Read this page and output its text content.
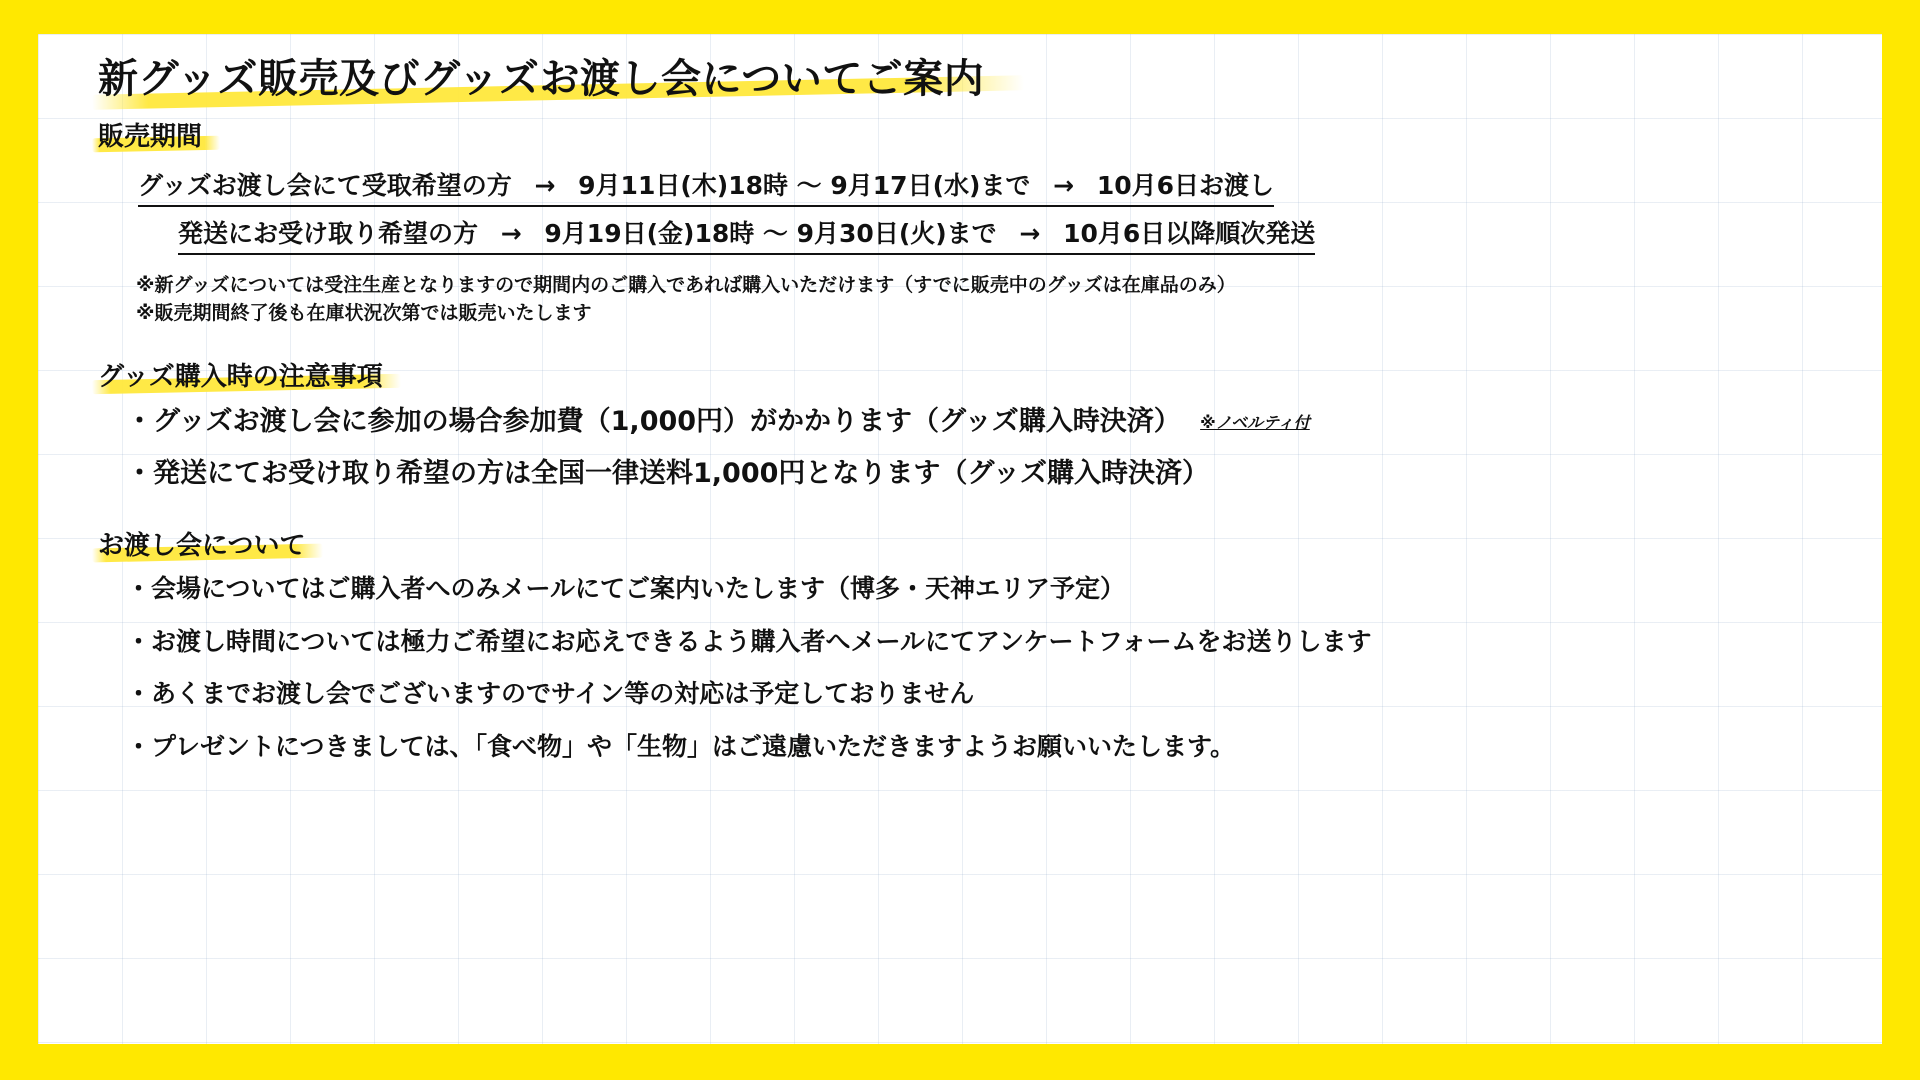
新グッズ販売及びグッズお渡し会についてご案内
販売期間
グッズお渡し会にて受取希望の方 → 9月11日(木)18時 〜 9月17日(水)まで → 10月6日お渡し
発送にお受け取り希望の方 → 9月19日(金)18時 〜 9月30日(火)まで → 10月6日以降順次発送
※新グッズについては受注生産となりますので期間内のご購入であれば購入いただけます（すでに販売中のグッズは在庫品のみ）
※販売期間終了後も在庫状況次第では販売いたします
グッズ購入時の注意事項
・グッズお渡し会に参加の場合参加費（1,000円）がかかります（グッズ購入時決済） ※ノベルティ付
・発送にてお受け取り希望の方は全国一律送料1,000円となります（グッズ購入時決済）
お渡し会について
・会場についてはご購入者へのみメールにてご案内いたします（博多・天神エリア予定）
・お渡し時間については極力ご希望にお応えできるよう購入者へメールにてアンケートフォームをお送りします
・あくまでお渡し会でございますのでサイン等の対応は予定しておりません
・プレゼントにつきましては、「食べ物」や「生物」はご遠慮いただきますようお願いいたします。
